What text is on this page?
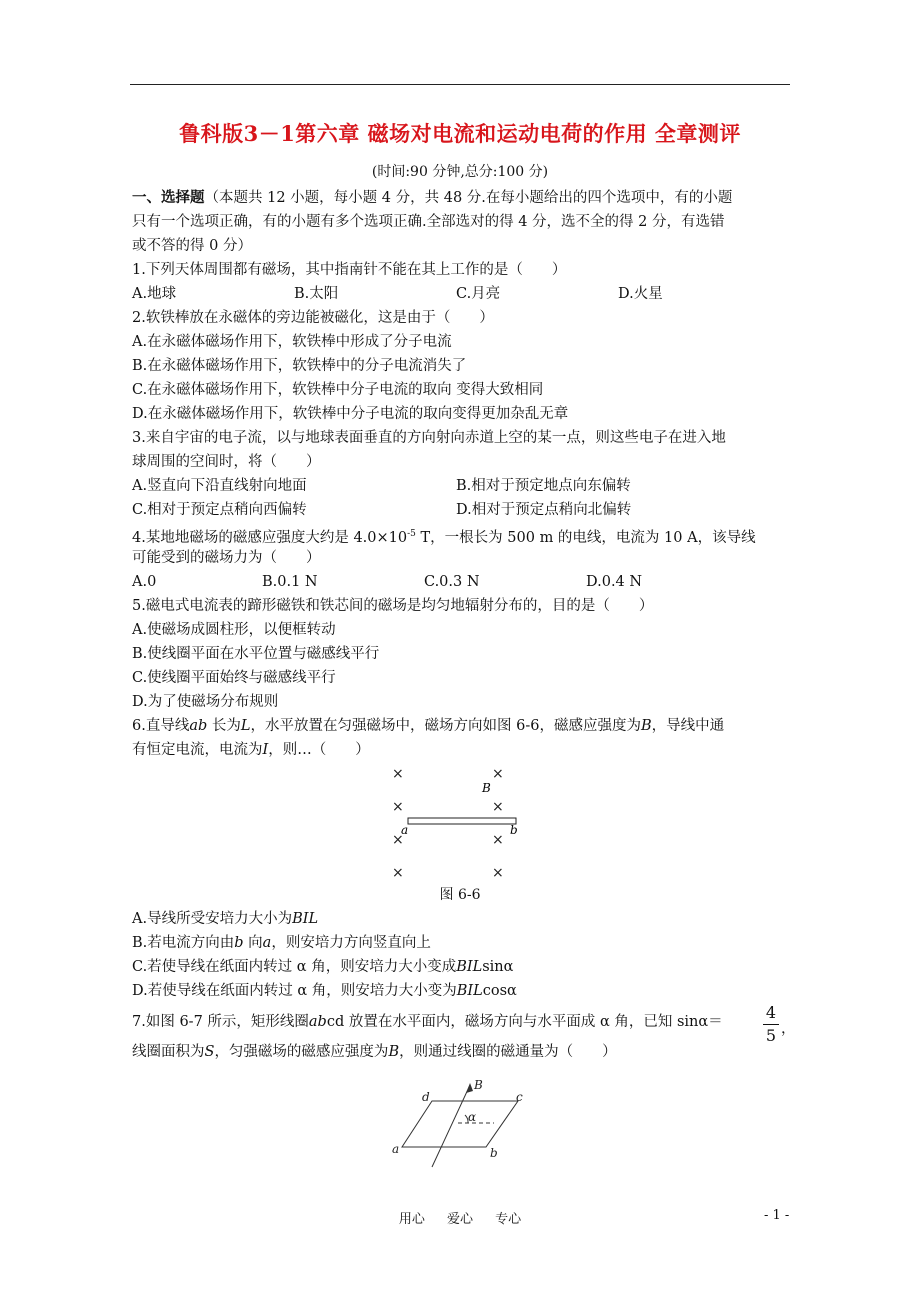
鲁科版3－1第六章 磁场对电流和运动电荷的作用 全章测评
(时间:90 分钟,总分:100 分)
一、选择题（本题共 12 小题，每小题 4 分，共 48 分.在每小题给出的四个选项中，有的小题
只有一个选项正确，有的小题有多个选项正确.全部选对的得 4 分，选不全的得 2 分，有选错
或不答的得 0 分）
1.下列天体周围都有磁场，其中指南针不能在其上工作的是（　　）
A.地球	B.太阳	C.月亮	D.火星
2.软铁棒放在永磁体的旁边能被磁化，这是由于（　　）
A.在永磁体磁场作用下，软铁棒中形成了分子电流
B.在永磁体磁场作用下，软铁棒中的分子电流消失了
C.在永磁体磁场作用下，软铁棒中分子电流的取向 变得大致相同
D.在永磁体磁场作用下，软铁棒中分子电流的取向变得更加杂乱无章
3.来自宇宙的电子流，以与地球表面垂直的方向射向赤道上空的某一点，则这些电子在进入地
球周围的空间时，将（　　）
A.竖直向下沿直线射向地面	B.相对于预定地点向东偏转
C.相对于预定点稍向西偏转	D.相对于预定点稍向北偏转
4.某地地磁场的磁感应强度大约是 $4.0\times 10^{-5}$ T，一根长为 500 m 的电线，电流为 10 A，该导线
可能受到的磁场力为（　　）
A.0	B.0.1 N	C.0.3 N	D.0.4 N
5.磁电式电流表的蹄形磁铁和铁芯间的磁场是均匀地辐射分布的，目的是（　　）
A.使磁场成圆柱形，以便框转动
B.使线圈平面在水平位置与磁感线平行
C.使线圈平面始终与磁感线平行
D.为了使磁场分布规则
6.直导线ab 长为L，水平放置在匀强磁场中，磁场方向如图 6-6，磁感应强度为B，导线中通
有恒定电流，电流为I，则…（　　）
×	×
×	×
×	×
×	×
B
a	b
图 6-6
A.导线所受安培力大小为BIL
B.若电流方向由b 向a，则安培力方向竖直向上
C.若使导线在纸面内转过 α 角，则安培力大小变成BILsinα
D.若使导线在纸面内转过 α 角，则安培力大小变为BILcosα
7.如图 6-7 所示，矩形线圈abcd 放置在水平面内，磁场方向与水平面成 α 角，已知 sinα＝
线圈面积为S，匀强磁场的磁感应强度为B，则通过线圈的磁通量为（　　）
4
5 ，
B
d	c
a	b
α
用心 爱心 专心	- 1 -
